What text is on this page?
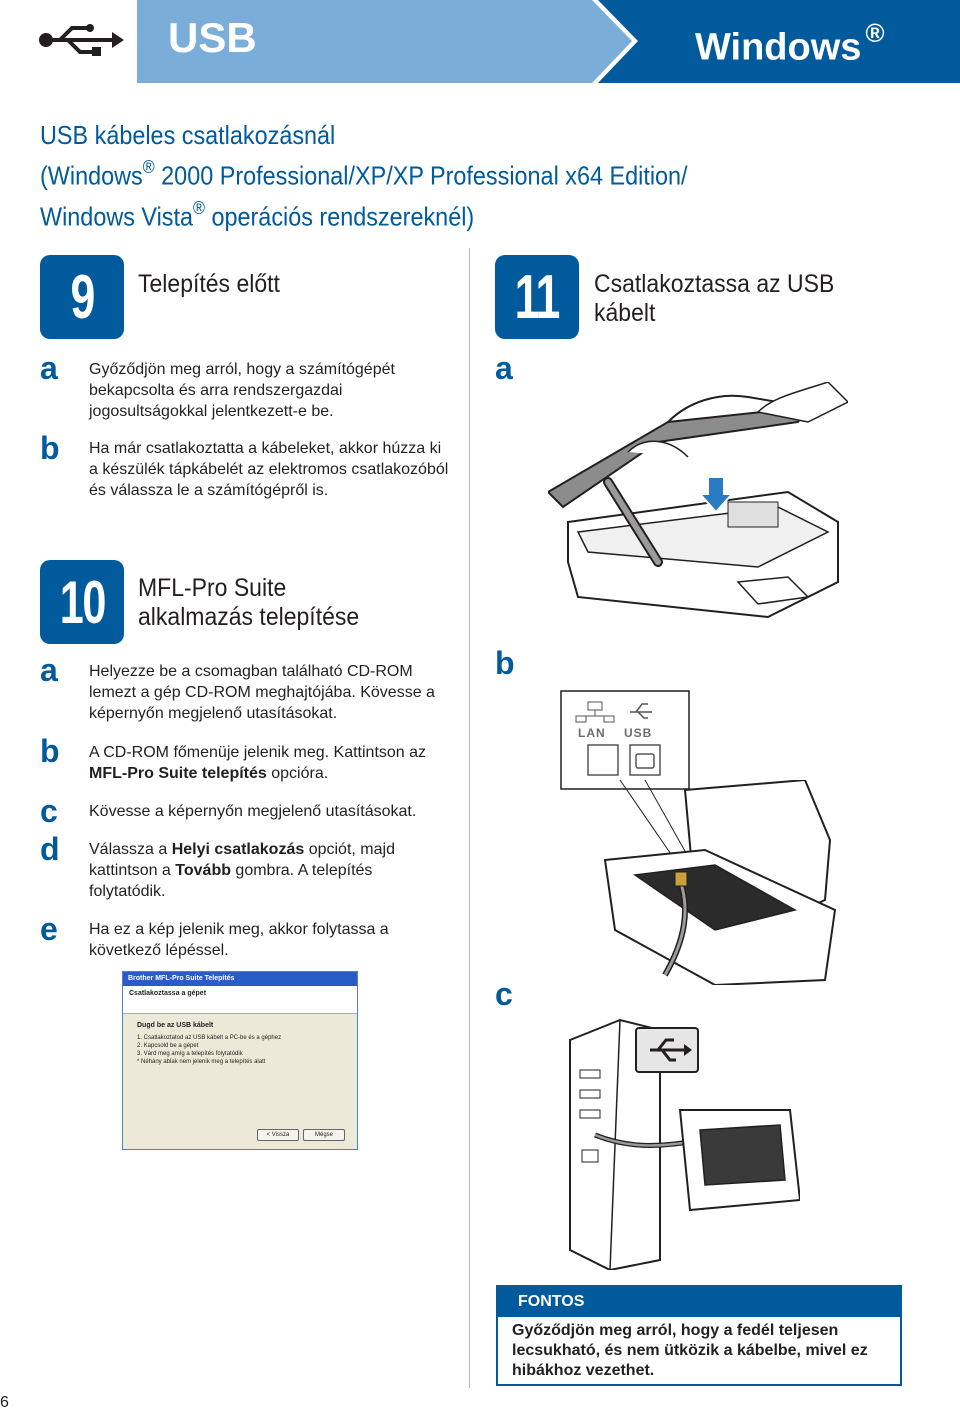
USB	Windows ®
USB kábeles csatlakozásnál
(Windows® 2000 Professional/XP/XP Professional x64 Edition/
Windows Vista® operációs rendszereknél)
9 Telepítés előtt
a Győződjön meg arról, hogy a számítógépét bekapcsolta és arra rendszergazdai jogosultságokkal jelentkezett-e be.
b Ha már csatlakoztatta a kábeleket, akkor húzza ki a készülék tápkábelét az elektromos csatlakozóból és válassza le a számítógépről is.
10 MFL-Pro Suite
alkalmazás telepítése
a Helyezze be a csomagban található CD-ROM lemezt a gép CD-ROM meghajtójába. Kövesse a képernyőn megjelenő utasításokat.
b A CD-ROM főmenüje jelenik meg. Kattintson az MFL-Pro Suite telepítés opcióra.
c Kövesse a képernyőn megjelenő utasításokat.
d Válassza a Helyi csatlakozás opciót, majd kattintson a Tovább gombra. A telepítés folytatódik.
e Ha ez a kép jelenik meg, akkor folytassa a következő lépéssel.
Brother MFL-Pro Suite Telepítés
Csatlakoztassa a gépet
Dugd be az USB kábelt
1. Csatlakoztatod az USB kábelt a PC-be és a géphez
2. Kapcsold be a gépet
3. Várd meg amíg a telepítés folytatódik
* Néhány ablak nem jelenik meg a telepítés alatt
< Vissza	Mégse
11 Csatlakoztassa az USB
kábelt
a
b
c
LAN USB
FONTOS
Győződjön meg arról, hogy a fedél teljesen lecsukható, és nem ütközik a kábelbe, mivel ez hibákhoz vezethet.
6
